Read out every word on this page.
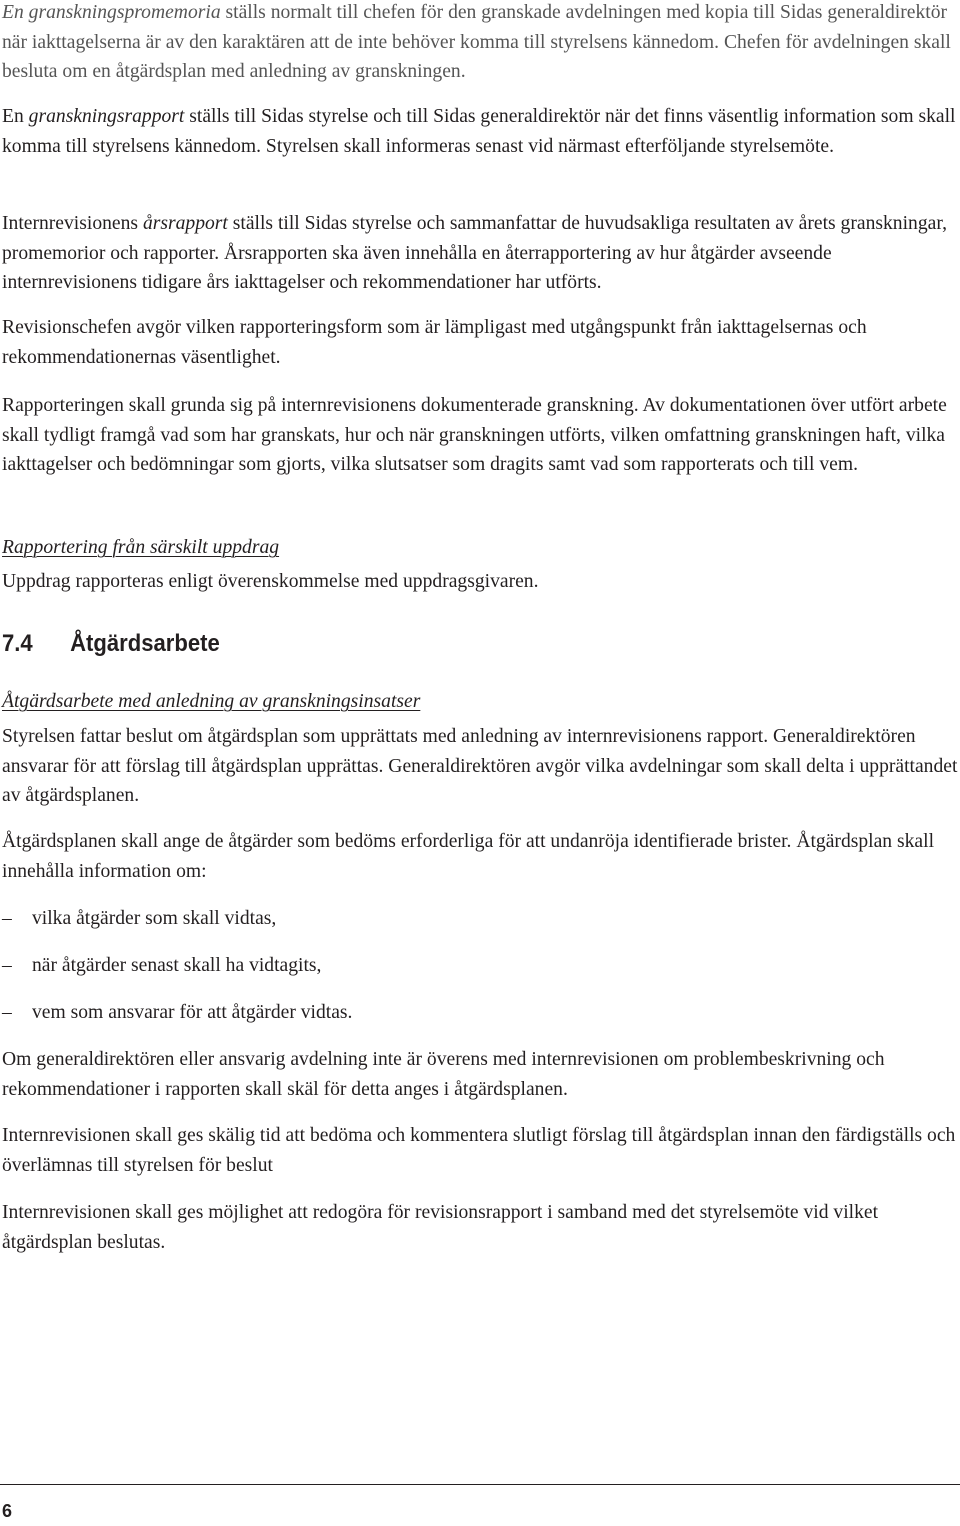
En granskningspromemoria ställs normalt till chefen för den granskade avdelningen med kopia till Sidas generaldirektör när iakttagelserna är av den karaktären att de inte behöver komma till styrelsens kännedom. Chefen för avdelningen skall besluta om en åtgärdsplan med anledning av granskningen.

En granskningsrapport ställs till Sidas styrelse och till Sidas generaldirektör när det finns väsentlig information som skall komma till styrelsens kännedom. Styrelsen skall informeras senast vid närmast efterföljande styrelsemöte.

Internrevisionens årsrapport ställs till Sidas styrelse och sammanfattar de huvudsakliga resultaten av årets granskningar, promemorior och rapporter. Årsrapporten ska även innehålla en återrapportering av hur åtgärder avseende internrevisionens tidigare års iakttagelser och rekommendationer har utförts.

Revisionschefen avgör vilken rapporteringsform som är lämpligast med utgångspunkt från iakttagelsernas och rekommendationernas väsentlighet.

Rapporteringen skall grunda sig på internrevisionens dokumenterade granskning. Av dokumentationen över utfört arbete skall tydligt framgå vad som har granskats, hur och när granskningen utförts, vilken omfattning granskningen haft, vilka iakttagelser och bedömningar som gjorts, vilka slutsatser som dragits samt vad som rapporterats och till vem.

Rapportering från särskilt uppdrag

Uppdrag rapporteras enligt överenskommelse med uppdragsgivaren.

7.4	Åtgärdsarbete

Åtgärdsarbete med anledning av granskningsinsatser

Styrelsen fattar beslut om åtgärdsplan som upprättats med anledning av internrevisionens rapport. Generaldirektören ansvarar för att förslag till åtgärdsplan upprättas. Generaldirektören avgör vilka avdelningar som skall delta i upprättandet av åtgärdsplanen.

Åtgärdsplanen skall ange de åtgärder som bedöms erforderliga för att undanröja identifierade brister. Åtgärdsplan skall innehålla information om:

– vilka åtgärder som skall vidtas,

– när åtgärder senast skall ha vidtagits,

– vem som ansvarar för att åtgärder vidtas.

Om generaldirektören eller ansvarig avdelning inte är överens med internrevisionen om problembeskrivning och rekommendationer i rapporten skall skäl för detta anges i åtgärdsplanen.

Internrevisionen skall ges skälig tid att bedöma och kommentera slutligt förslag till åtgärdsplan innan den färdigställs och överlämnas till styrelsen för beslut

Internrevisionen skall ges möjlighet att redogöra för revisionsrapport i samband med det styrelsemöte vid vilket åtgärdsplan beslutas.

6
